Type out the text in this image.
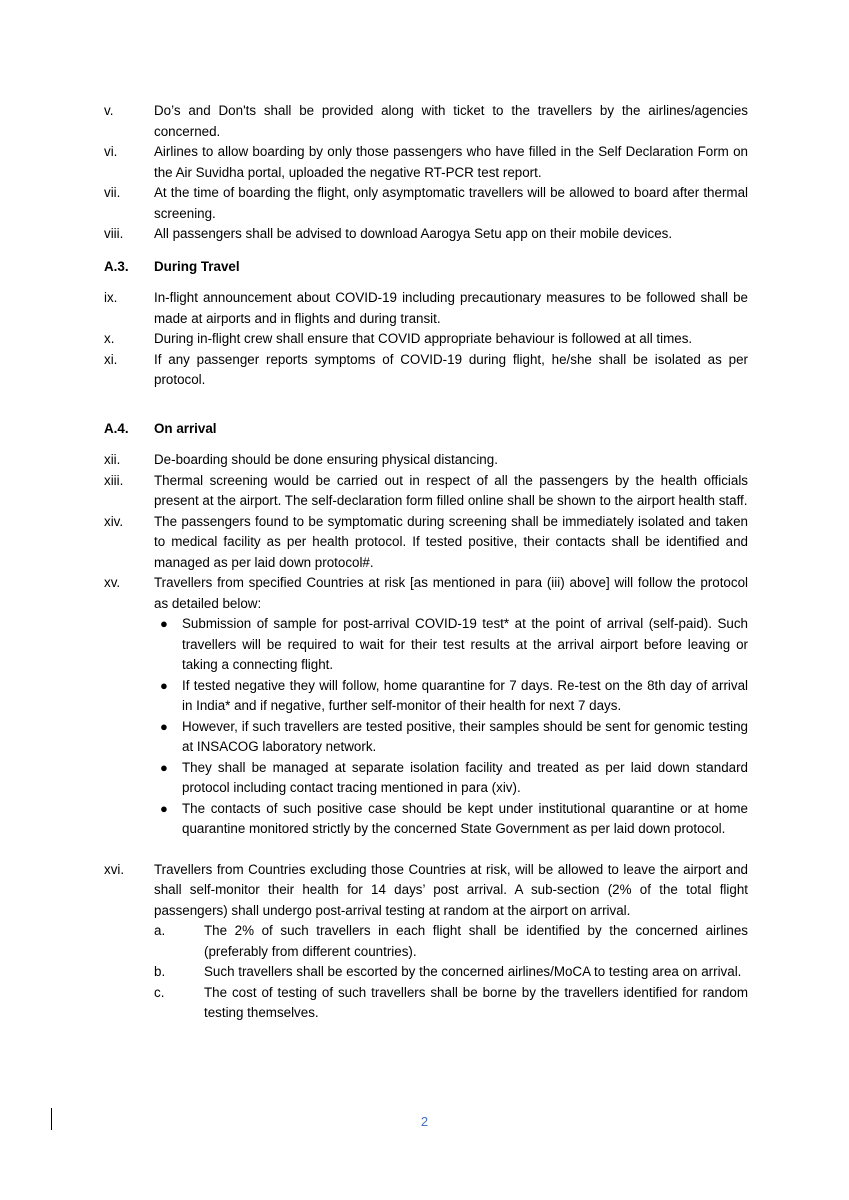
v.	Do’s and Don'ts shall be provided along with ticket to the travellers by the airlines/agencies concerned.
vi.	Airlines to allow boarding by only those passengers who have filled in the Self Declaration Form on the Air Suvidha portal, uploaded the negative RT-PCR test report.
vii.	At the time of boarding the flight, only asymptomatic travellers will be allowed to board after thermal screening.
viii.	All passengers shall be advised to download Aarogya Setu app on their mobile devices.
A.3.	During Travel
ix.	In-flight announcement about COVID-19 including precautionary measures to be followed shall be made at airports and in flights and during transit.
x.	During in-flight crew shall ensure that COVID appropriate behaviour is followed at all times.
xi.	If any passenger reports symptoms of COVID-19 during flight, he/she shall be isolated as per protocol.
A.4.	On arrival
xii.	De-boarding should be done ensuring physical distancing.
xiii.	Thermal screening would be carried out in respect of all the passengers by the health officials present at the airport. The self-declaration form filled online shall be shown to the airport health staff.
xiv.	The passengers found to be symptomatic during screening shall be immediately isolated and taken to medical facility as per health protocol. If tested positive, their contacts shall be identified and managed as per laid down protocol#.
xv.	Travellers from specified Countries at risk [as mentioned in para (iii) above] will follow the protocol as detailed below:
●	Submission of sample for post-arrival COVID-19 test* at the point of arrival (self-paid). Such travellers will be required to wait for their test results at the arrival airport before leaving or taking a connecting flight.
●	If tested negative they will follow, home quarantine for 7 days. Re-test on the 8th day of arrival in India* and if negative, further self-monitor of their health for next 7 days.
●	However, if such travellers are tested positive, their samples should be sent for genomic testing at INSACOG laboratory network.
●	They shall be managed at separate isolation facility and treated as per laid down standard protocol including contact tracing mentioned in para (xiv).
●	The contacts of such positive case should be kept under institutional quarantine or at home quarantine monitored strictly by the concerned State Government as per laid down protocol.
xvi.	Travellers from Countries excluding those Countries at risk, will be allowed to leave the airport and shall self-monitor their health for 14 days’ post arrival. A sub-section (2% of the total flight passengers) shall undergo post-arrival testing at random at the airport on arrival.
a.	The 2% of such travellers in each flight shall be identified by the concerned airlines (preferably from different countries).
b.	Such travellers shall be escorted by the concerned airlines/MoCA to testing area on arrival.
c.	The cost of testing of such travellers shall be borne by the travellers identified for random testing themselves.
2
